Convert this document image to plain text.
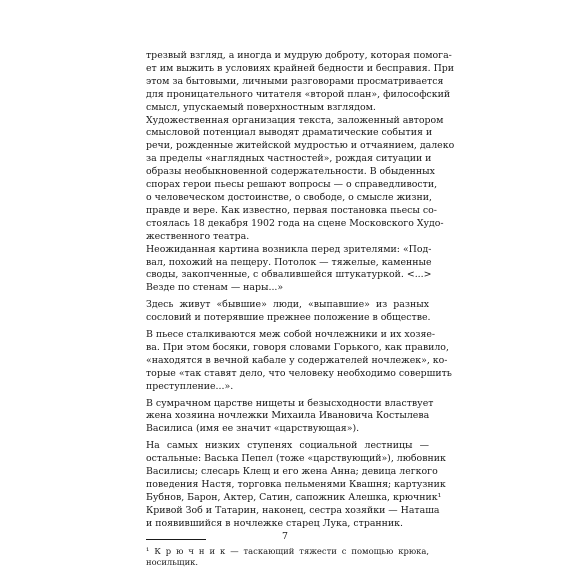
трезвый взгляд, а иногда и мудрую доброту, которая помога-
ет им выжить в условиях крайней бедности и бесправия. При
этом за бытовыми, личными разговорами просматривается
для проницательного читателя «второй план», философский
смысл, упускаемый поверхностным взглядом.
Художественная организация текста, заложенный автором
смысловой потенциал выводят драматические события и
речи, рожденные житейской мудростью и отчаянием, далеко
за пределы «наглядных частностей», рождая ситуации и
образы необыкновенной содержательности. В обыденных
спорах герои пьесы решают вопросы — о справедливости,
о человеческом достоинстве, о свободе, о смысле жизни,
правде и вере. Как известно, первая постановка пьесы со-
стоялась 18 декабря 1902 года на сцене Московского Худо-
жественного театра.
Неожиданная картина возникла перед зрителями: «Под-
вал, похожий на пещеру. Потолок — тяжелые, каменные
своды, закопченные, с обвалившейся штукатуркой. <...>
Везде по стенам — нары...»
Здесь живут «бывшие» люди, «выпавшие» из разных
сословий и потерявшие прежнее положение в обществе.
В пьесе сталкиваются меж собой ночлежники и их хозяе-
ва. При этом босяки, говоря словами Горького, как правило,
«находятся в вечной кабале у содержателей ночлежек», ко-
торые «так ставят дело, что человеку необходимо совершить
преступление...».
В сумрачном царстве нищеты и безысходности властвует
жена хозяина ночлежки Михаила Ивановича Костылева
Василиса (имя ее значит «царствующая»).
На самых низких ступенях социальной лестницы —
остальные: Васька Пепел (тоже «царствующий»), любовник
Василисы; слесарь Клещ и его жена Анна; девица легкого
поведения Настя, торговка пельменями Квашня; картузник
Бубнов, Барон, Актер, Сатин, сапожник Алешка, крючник¹
Кривой Зоб и Татарин, наконец, сестра хозяйки — Наташа
и появившийся в ночлежке старец Лука, странник.
¹ К р ю ч н и к — таскающий тяжести с помощью крюка,
носильщик.
7
